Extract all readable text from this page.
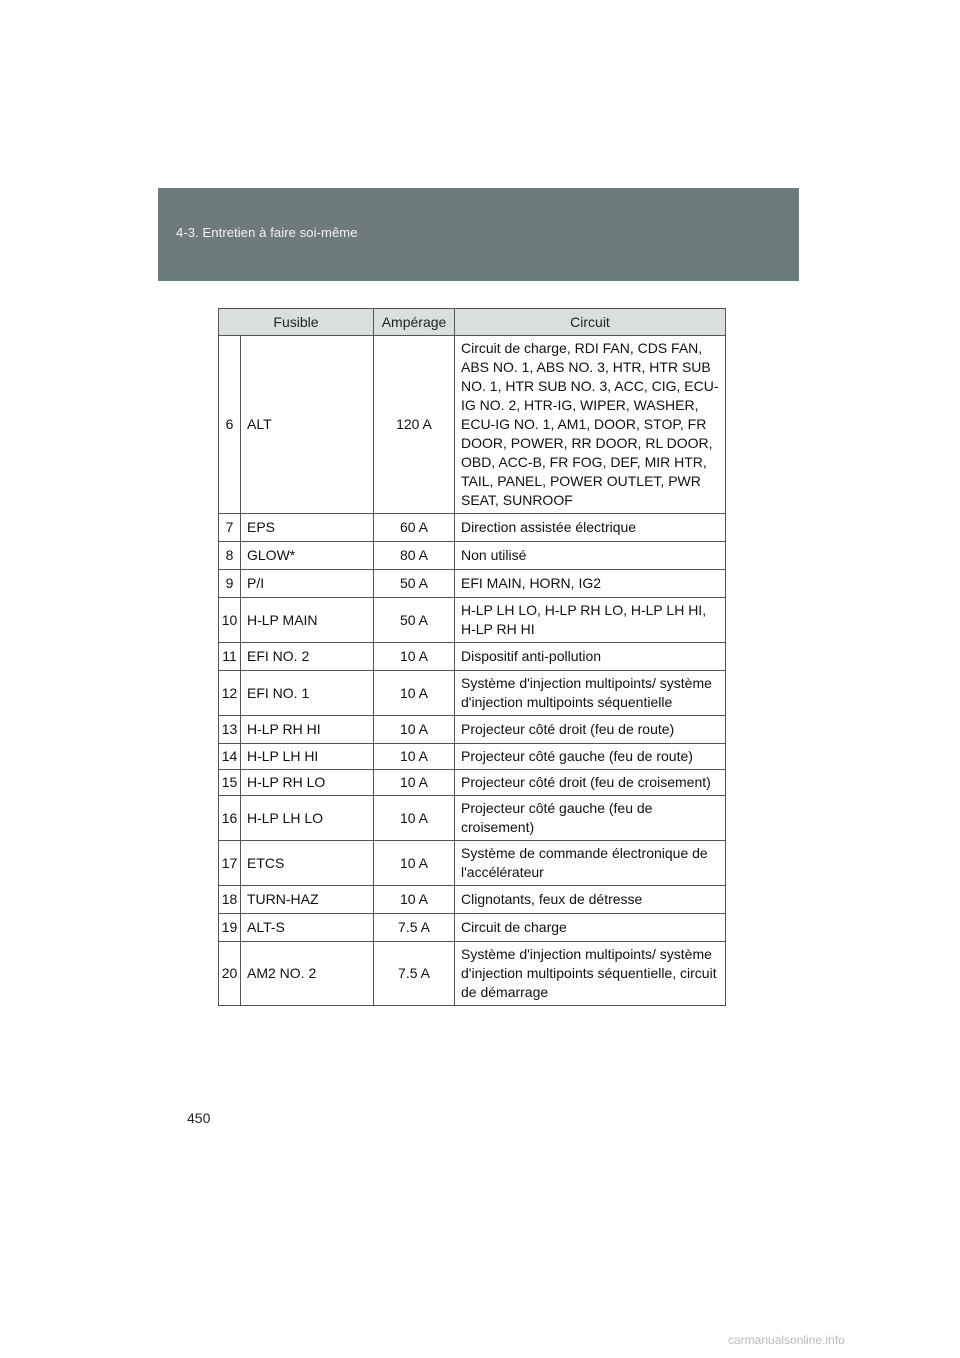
4-3. Entretien à faire soi-même
Fusible		Ampérage	Circuit
6	ALT	120 A	Circuit de charge, RDI FAN, CDS FAN, ABS NO. 1, ABS NO. 3, HTR, HTR SUB NO. 1, HTR SUB NO. 3, ACC, CIG, ECU-IG NO. 2, HTR-IG, WIPER, WASHER, ECU-IG NO. 1, AM1, DOOR, STOP, FR DOOR, POWER, RR DOOR, RL DOOR, OBD, ACC-B, FR FOG, DEF, MIR HTR, TAIL, PANEL, POWER OUTLET, PWR SEAT, SUNROOF
7	EPS	60 A	Direction assistée électrique
8	GLOW*	80 A	Non utilisé
9	P/I	50 A	EFI MAIN, HORN, IG2
10	H-LP MAIN	50 A	H-LP LH LO, H-LP RH LO, H-LP LH HI, H-LP RH HI
11	EFI NO. 2	10 A	Dispositif anti-pollution
12	EFI NO. 1	10 A	Système d'injection multipoints/ système d'injection multipoints séquentielle
13	H-LP RH HI	10 A	Projecteur côté droit (feu de route)
14	H-LP LH HI	10 A	Projecteur côté gauche (feu de route)
15	H-LP RH LO	10 A	Projecteur côté droit (feu de croisement)
16	H-LP LH LO	10 A	Projecteur côté gauche (feu de croisement)
17	ETCS	10 A	Système de commande électronique de l'accélérateur
18	TURN-HAZ	10 A	Clignotants, feux de détresse
19	ALT-S	7.5 A	Circuit de charge
20	AM2 NO. 2	7.5 A	Système d'injection multipoints/ système d'injection multipoints séquentielle, circuit de démarrage
450
carmanualsonline.info
